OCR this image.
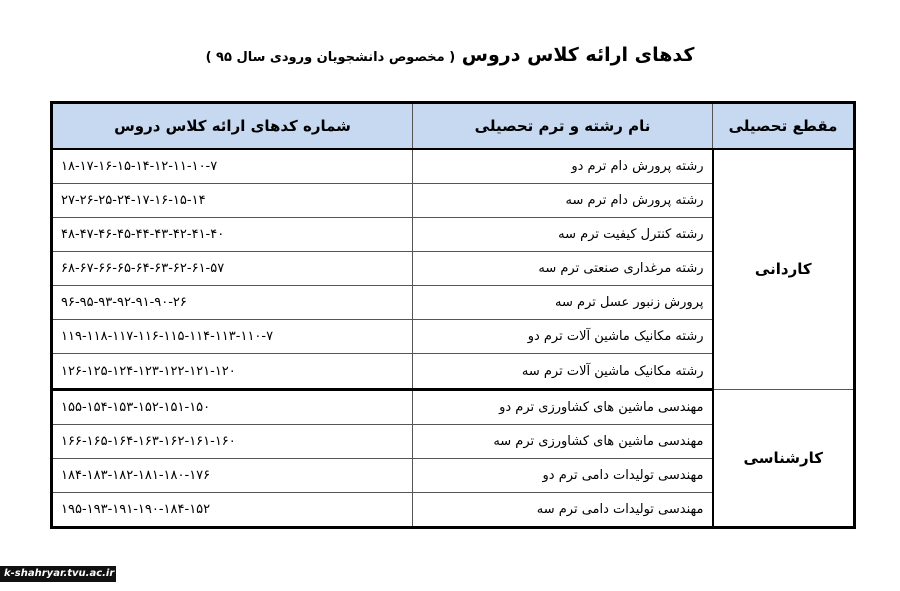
کدهای ارائه کلاس دروس ( مخصوص دانشجویان ورودی سال ۹۵ )
مقطع تحصیلی	نام رشته و ترم تحصیلی	شماره کدهای ارائه کلاس دروس
کاردانی	رشته پرورش دام ترم دو	۱۸-۱۷-۱۶-۱۵-۱۴-۱۲-۱۱-۱۰-۷
	رشته پرورش دام ترم سه	۲۷-۲۶-۲۵-۲۴-۱۷-۱۶-۱۵-۱۴
	رشته کنترل کیفیت ترم سه	۴۸-۴۷-۴۶-۴۵-۴۴-۴۳-۴۲-۴۱-۴۰
	رشته مرغداری صنعتی ترم سه	۶۸-۶۷-۶۶-۶۵-۶۴-۶۳-۶۲-۶۱-۵۷
	پرورش زنبور عسل ترم سه	۹۶-۹۵-۹۳-۹۲-۹۱-۹۰-۲۶
	رشته مکانیک ماشین آلات ترم دو	۱۱۹-۱۱۸-۱۱۷-۱۱۶-۱۱۵-۱۱۴-۱۱۳-۱۱۰-۷
	رشته مکانیک ماشین آلات ترم سه	۱۲۶-۱۲۵-۱۲۴-۱۲۳-۱۲۲-۱۲۱-۱۲۰
کارشناسی	مهندسی ماشین های کشاورزی ترم دو	۱۵۵-۱۵۴-۱۵۳-۱۵۲-۱۵۱-۱۵۰
	مهندسی ماشین های کشاورزی ترم سه	۱۶۶-۱۶۵-۱۶۴-۱۶۳-۱۶۲-۱۶۱-۱۶۰
	مهندسی تولیدات دامی ترم دو	۱۸۴-۱۸۳-۱۸۲-۱۸۱-۱۸۰-۱۷۶
	مهندسی تولیدات دامی ترم سه	۱۹۵-۱۹۳-۱۹۱-۱۹۰-۱۸۴-۱۵۲
k-shahryar.tvu.ac.ir
